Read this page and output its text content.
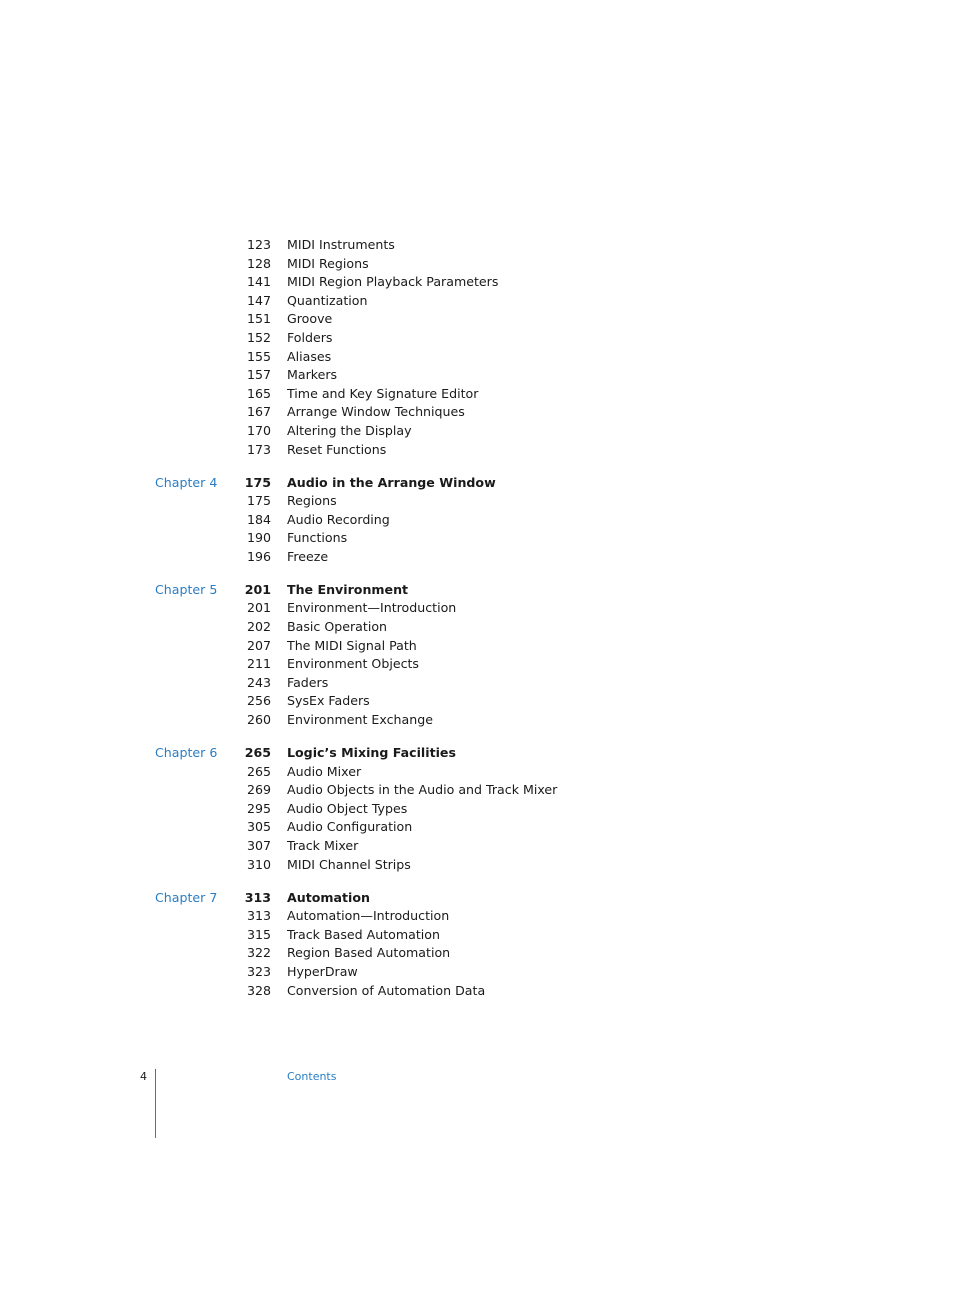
123 MIDI Instruments
128 MIDI Regions
141 MIDI Region Playback Parameters
147 Quantization
151 Groove
152 Folders
155 Aliases
157 Markers
165 Time and Key Signature Editor
167 Arrange Window Techniques
170 Altering the Display
173 Reset Functions
Chapter 4	175 Audio in the Arrange Window
175 Regions
184 Audio Recording
190 Functions
196 Freeze
Chapter 5	201 The Environment
201 Environment—Introduction
202 Basic Operation
207 The MIDI Signal Path
211 Environment Objects
243 Faders
256 SysEx Faders
260 Environment Exchange
Chapter 6	265 Logic’s Mixing Facilities
265 Audio Mixer
269 Audio Objects in the Audio and Track Mixer
295 Audio Object Types
305 Audio Configuration
307 Track Mixer
310 MIDI Channel Strips
Chapter 7	313 Automation
313 Automation—Introduction
315 Track Based Automation
322 Region Based Automation
323 HyperDraw
328 Conversion of Automation Data
4	Contents
